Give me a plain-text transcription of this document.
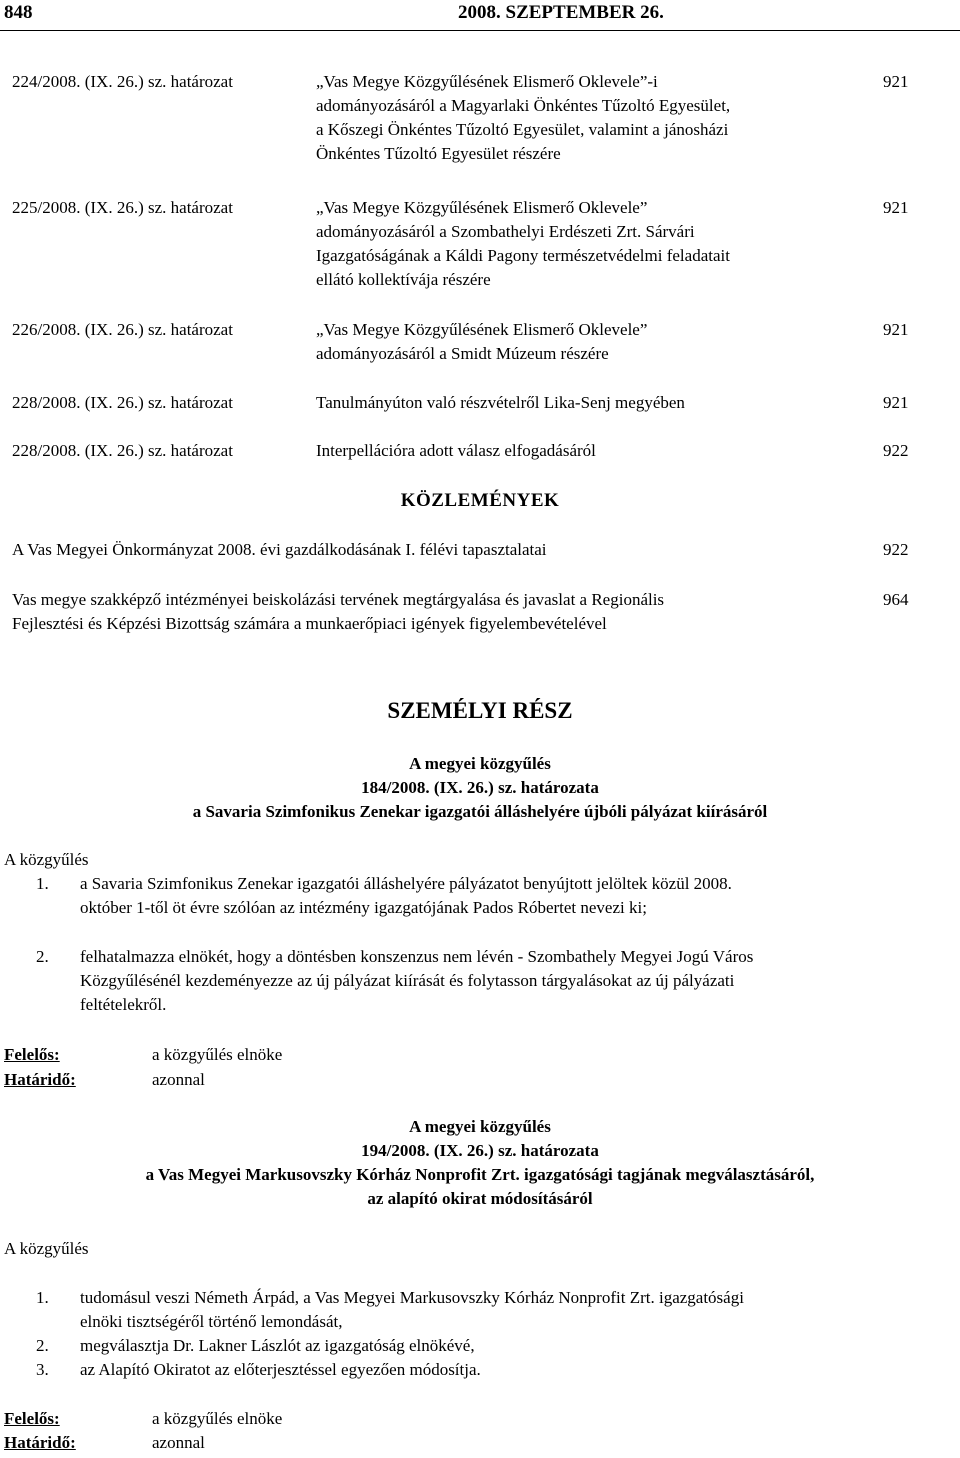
848	2008. SZEPTEMBER 26.
224/2008. (IX. 26.) sz. határozat	„Vas Megye Közgyűlésének Elismerő Oklevele”-i
adományozásáról a Magyarlaki Önkéntes Tűzoltó Egyesület,
a Kőszegi Önkéntes Tűzoltó Egyesület, valamint a jánosházi
Önkéntes Tűzoltó Egyesület részére
921
225/2008. (IX. 26.) sz. határozat	„Vas Megye Közgyűlésének Elismerő Oklevele”
adományozásáról a Szombathelyi Erdészeti Zrt. Sárvári
Igazgatóságának a Káldi Pagony természetvédelmi feladatait
ellátó kollektívája részére
921
226/2008. (IX. 26.) sz. határozat	„Vas Megye Közgyűlésének Elismerő Oklevele”
adományozásáról a Smidt Múzeum részére
921
228/2008. (IX. 26.) sz. határozat	Tanulmányúton való részvételről Lika-Senj megyében	921
228/2008. (IX. 26.) sz. határozat	Interpellációra adott válasz elfogadásáról	922
KÖZLEMÉNYEK
A Vas Megyei Önkormányzat 2008. évi gazdálkodásának I. félévi tapasztalatai	922
Vas megye szakképző intézményei beiskolázási tervének megtárgyalása és javaslat a Regionális
Fejlesztési és Képzési Bizottság számára a munkaerőpiaci igények figyelembevételével
964
SZEMÉLYI RÉSZ
A megyei közgyűlés
184/2008. (IX. 26.) sz. határozata
a Savaria Szimfonikus Zenekar igazgatói álláshelyére újbóli pályázat kiírásáról
A közgyűlés
1. a Savaria Szimfonikus Zenekar igazgatói álláshelyére pályázatot benyújtott jelöltek közül 2008.
október 1-től öt évre szólóan az intézmény igazgatójának Pados Róbertet nevezi ki;
2. felhatalmazza elnökét, hogy a döntésben konszenzus nem lévén - Szombathely Megyei Jogú Város
Közgyűlésénél kezdeményezze az új pályázat kiírását és folytasson tárgyalásokat az új pályázati
feltételekről.
Felelős:	a közgyűlés elnöke
Határidő:	azonnal
A megyei közgyűlés
194/2008. (IX. 26.) sz. határozata
a Vas Megyei Markusovszky Kórház Nonprofit Zrt. igazgatósági tagjának megválasztásáról,
az alapító okirat módosításáról
A közgyűlés
1. tudomásul veszi Németh Árpád, a Vas Megyei Markusovszky Kórház Nonprofit Zrt. igazgatósági
elnöki tisztségéről történő lemondását,
2. megválasztja Dr. Lakner Lászlót az igazgatóság elnökévé,
3. az Alapító Okiratot az előterjesztéssel egyezően módosítja.
Felelős:	a közgyűlés elnöke
Határidő:	azonnal
